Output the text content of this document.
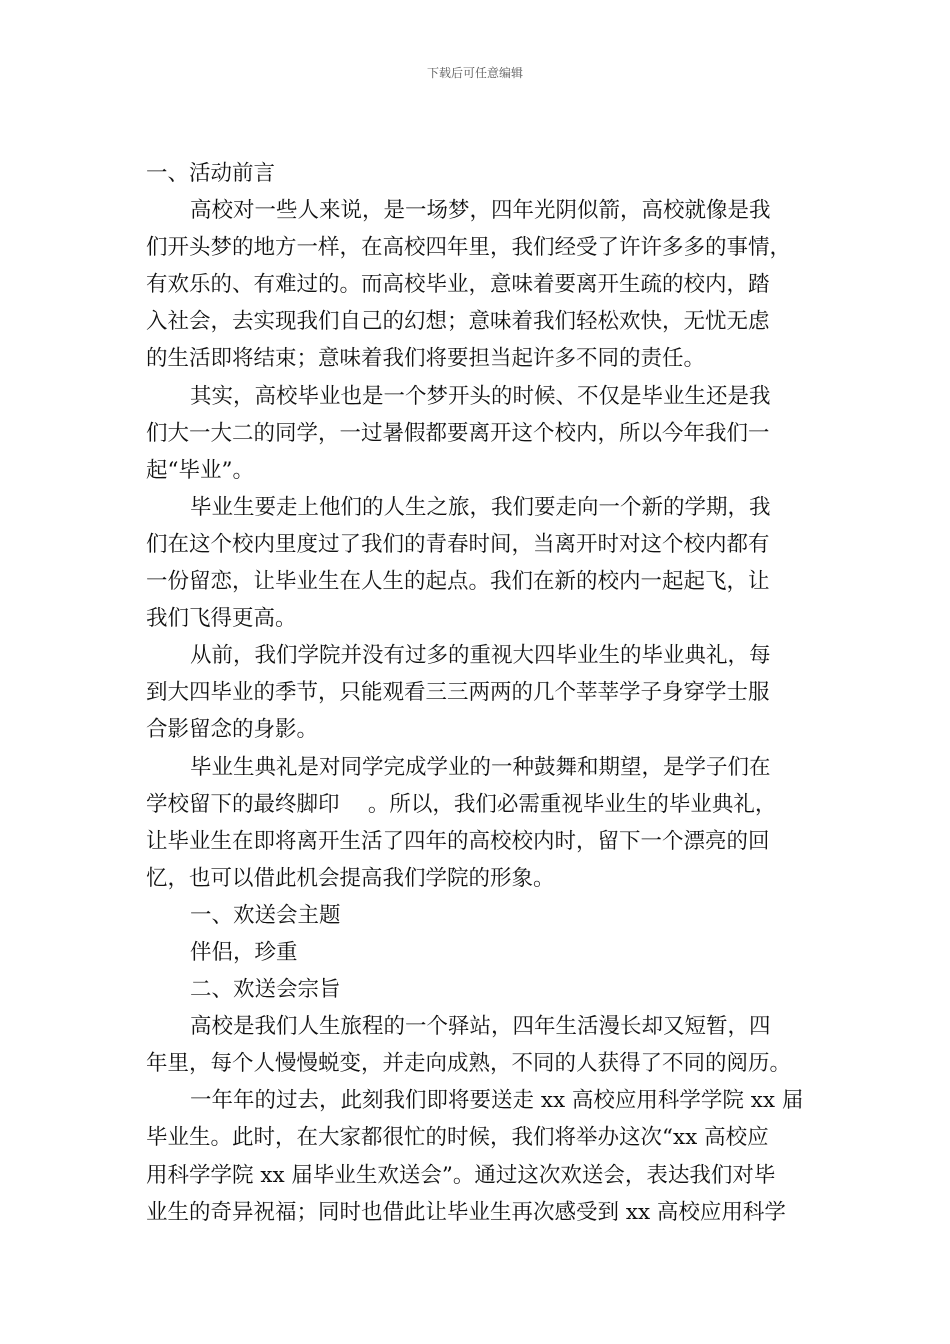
下载后可任意编辑
一、活动前言
高校对一些人来说，是一场梦，四年光阴似箭，高校就像是我
们开头梦的地方一样，在高校四年里，我们经受了许许多多的事情，
有欢乐的、有难过的。而高校毕业，意味着要离开生疏的校内，踏
入社会，去实现我们自己的幻想；意味着我们轻松欢快，无忧无虑
的生活即将结束；意味着我们将要担当起许多不同的责任。
其实，高校毕业也是一个梦开头的时候、不仅是毕业生还是我
们大一大二的同学，一过暑假都要离开这个校内，所以今年我们一
起“毕业”。
毕业生要走上他们的人生之旅，我们要走向一个新的学期，我
们在这个校内里度过了我们的青春时间，当离开时对这个校内都有
一份留恋，让毕业生在人生的起点。我们在新的校内一起起飞，让
我们飞得更高。
从前，我们学院并没有过多的重视大四毕业生的毕业典礼，每
到大四毕业的季节，只能观看三三两两的几个莘莘学子身穿学士服
合影留念的身影。
毕业生典礼是对同学完成学业的一种鼓舞和期望，是学子们在
学校留下的最终脚印　 。所以，我们必需重视毕业生的毕业典礼，
让毕业生在即将离开生活了四年的高校校内时，留下一个漂亮的回
忆，也可以借此机会提高我们学院的形象。
一、欢送会主题
伴侣，珍重
二、欢送会宗旨
高校是我们人生旅程的一个驿站，四年生活漫长却又短暂，四
年里，每个人慢慢蜕变，并走向成熟，不同的人获得了不同的阅历。
一年年的过去，此刻我们即将要送走 xx 高校应用科学学院 xx 届
毕业生。此时，在大家都很忙的时候，我们将举办这次“xx 高校应
用科学学院 xx 届毕业生欢送会”。通过这次欢送会，表达我们对毕
业生的奇异祝福；同时也借此让毕业生再次感受到 xx 高校应用科学
